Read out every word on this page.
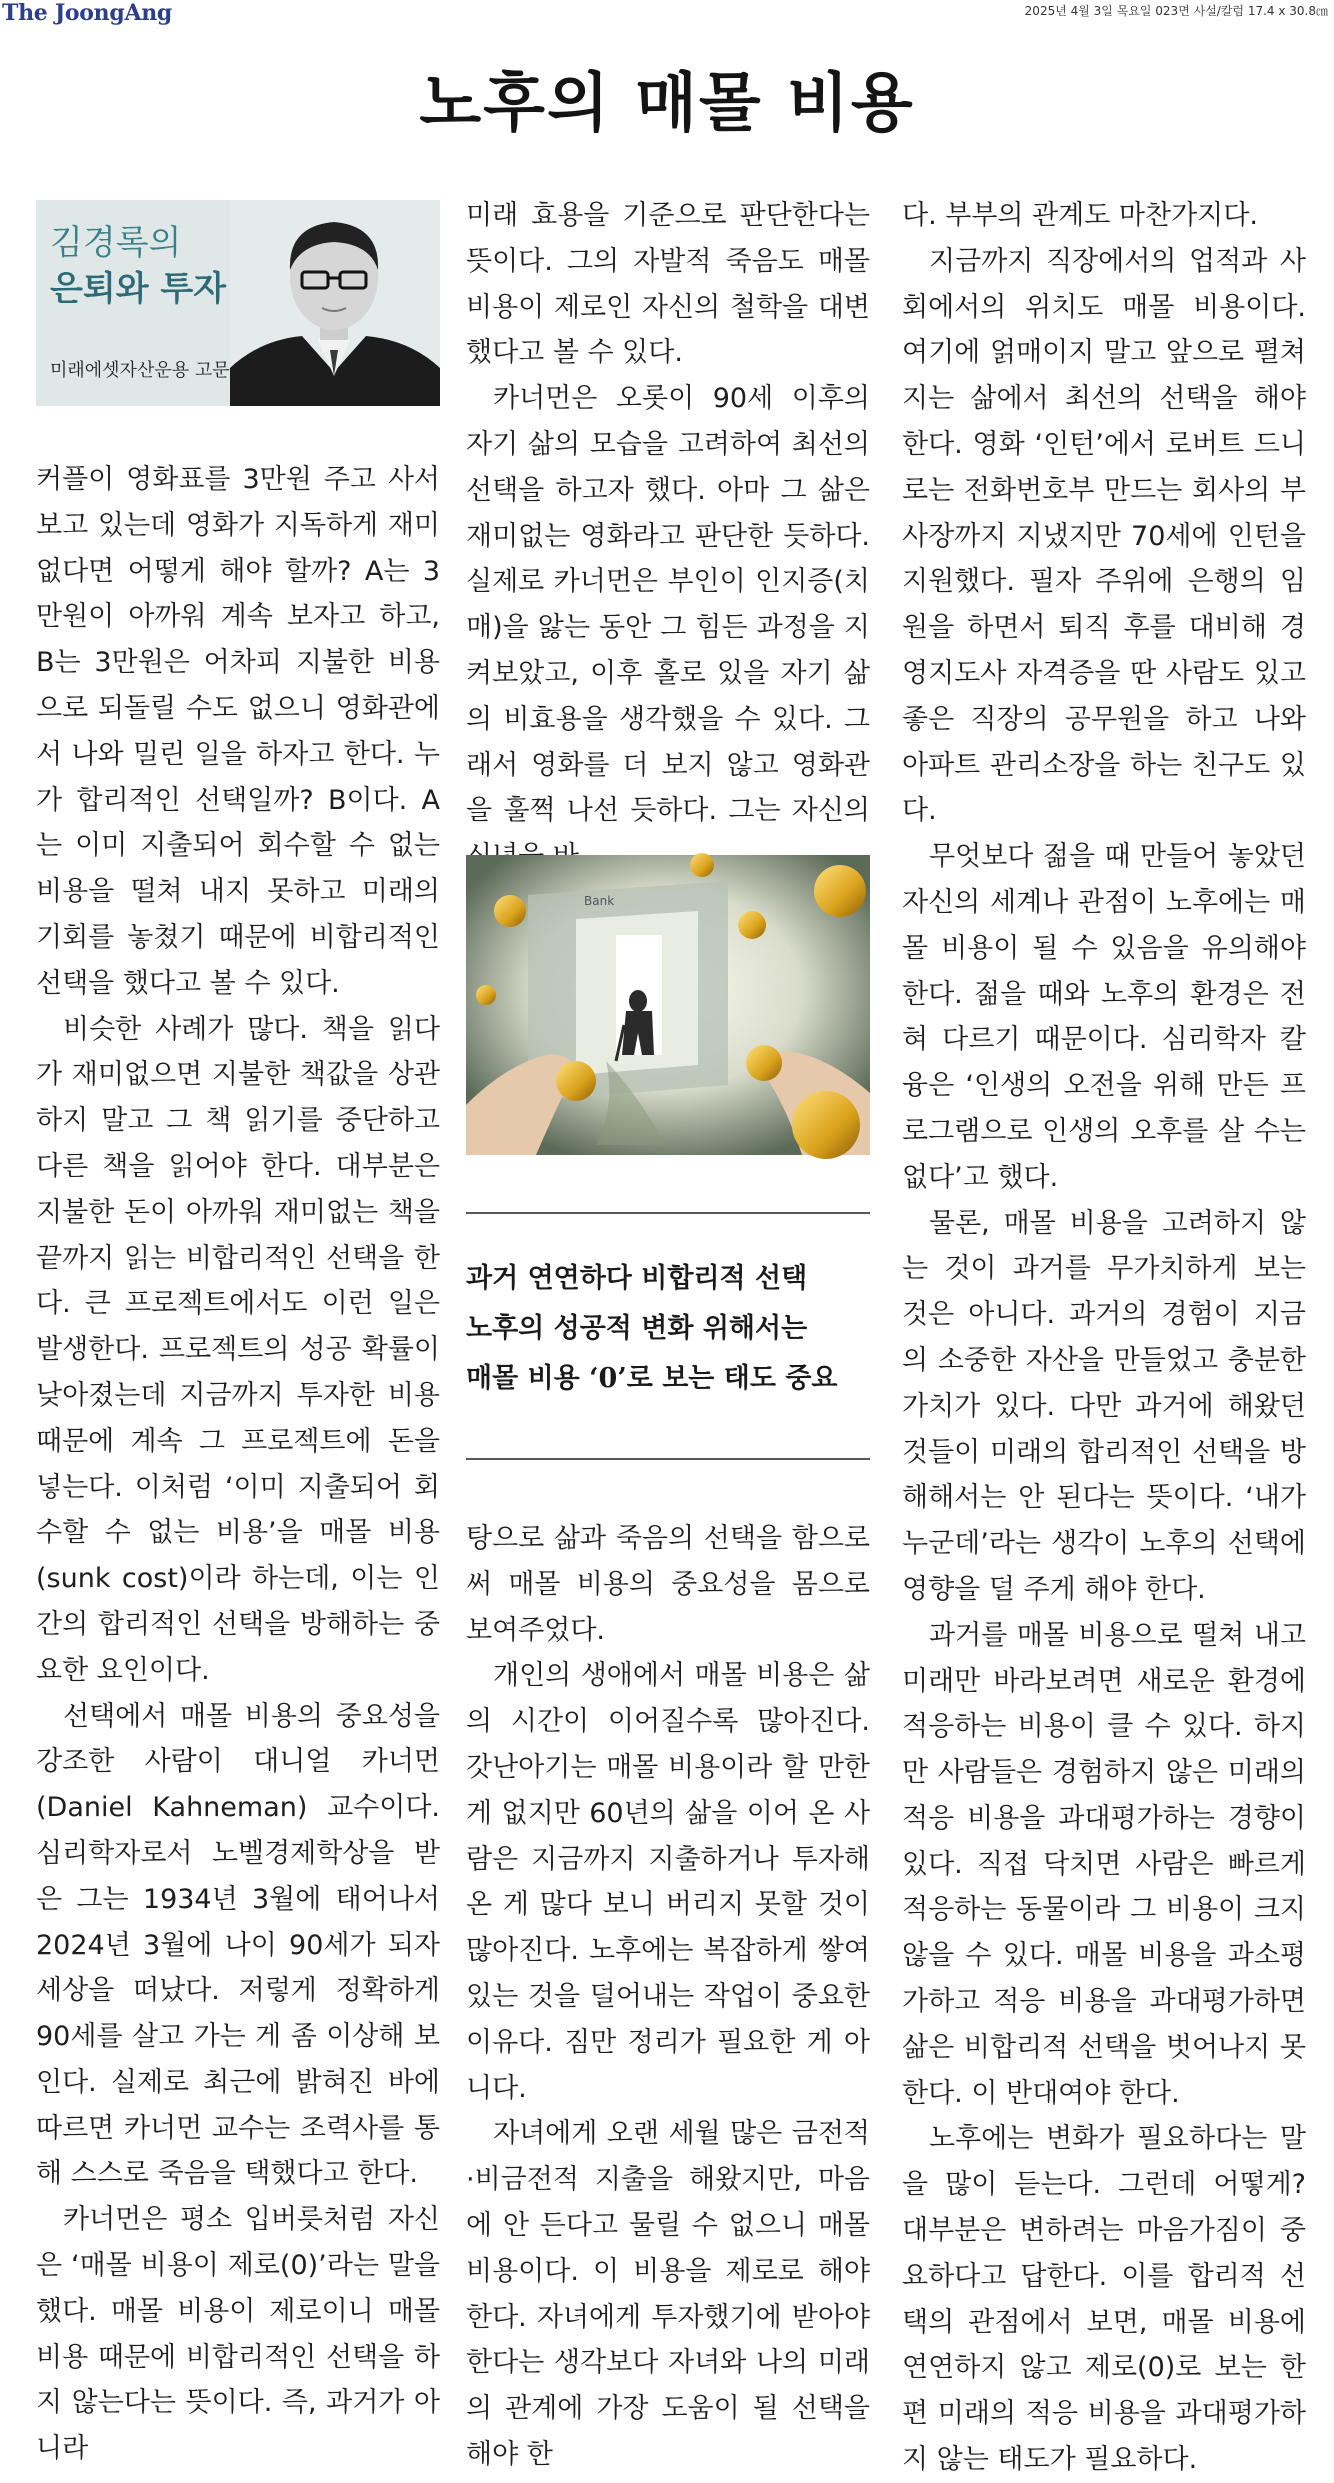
The JoongAng	2025년 4월 3일 목요일 023면 사설/칼럼 17.4 x 30.8㎝
노후의 매몰 비용
김경록의
은퇴와 투자
미래에셋자산운용 고문

커플이 영화표를 3만원 주고 사서 보고 있는데 영화가 지독하게 재미없다면 어떻게 해야 할까? A는 3만원이 아까워 계속 보자고 하고, B는 3만원은 어차피 지불한 비용으로 되돌릴 수도 없으니 영화관에서 나와 밀린 일을 하자고 한다. 누가 합리적인 선택일까? B이다. A는 이미 지출되어 회수할 수 없는 비용을 떨쳐 내지 못하고 미래의 기회를 놓쳤기 때문에 비합리적인 선택을 했다고 볼 수 있다.

비슷한 사례가 많다. 책을 읽다가 재미없으면 지불한 책값을 상관하지 말고 그 책 읽기를 중단하고 다른 책을 읽어야 한다. 대부분은 지불한 돈이 아까워 재미없는 책을 끝까지 읽는 비합리적인 선택을 한다. 큰 프로젝트에서도 이런 일은 발생한다. 프로젝트의 성공 확률이 낮아졌는데 지금까지 투자한 비용 때문에 계속 그 프로젝트에 돈을 넣는다. 이처럼 ‘이미 지출되어 회수할 수 없는 비용’을 매몰 비용(sunk cost)이라 하는데, 이는 인간의 합리적인 선택을 방해하는 중요한 요인이다.

선택에서 매몰 비용의 중요성을 강조한 사람이 대니얼 카너먼(Daniel Kahneman) 교수이다. 심리학자로서 노벨경제학상을 받은 그는 1934년 3월에 태어나서 2024년 3월에 나이 90세가 되자 세상을 떠났다. 저렇게 정확하게 90세를 살고 가는 게 좀 이상해 보인다. 실제로 최근에 밝혀진 바에 따르면 카너먼 교수는 조력사를 통해 스스로 죽음을 택했다고 한다.

카너먼은 평소 입버릇처럼 자신은 ‘매몰 비용이 제로(0)’라는 말을 했다. 매몰 비용이 제로이니 매몰 비용 때문에 비합리적인 선택을 하지 않는다는 뜻이다. 즉, 과거가 아니라

미래 효용을 기준으로 판단한다는 뜻이다. 그의 자발적 죽음도 매몰 비용이 제로인 자신의 철학을 대변했다고 볼 수 있다.

카너먼은 오롯이 90세 이후의 자기 삶의 모습을 고려하여 최선의 선택을 하고자 했다. 아마 그 삶은 재미없는 영화라고 판단한 듯하다. 실제로 카너먼은 부인이 인지증(치매)을 앓는 동안 그 힘든 과정을 지켜보았고, 이후 홀로 있을 자기 삶의 비효용을 생각했을 수 있다. 그래서 영화를 더 보지 않고 영화관을 훌쩍 나선 듯하다. 그는 자신의

Bank

과거 연연하다 비합리적 선택

노후의 성공적 변화 위해서는

매몰 비용 ‘0’로 보는 태도 중요

탕으로 삶과 죽음의 선택을 함으로써 매몰 비용의 중요성을 몸으로 보여주었다.

개인의 생애에서 매몰 비용은 삶의 시간이 이어질수록 많아진다. 갓난아기는 매몰 비용이라 할 만한 게 없지만 60년의 삶을 이어 온 사람은 지금까지 지출하거나 투자해온 게 많다 보니 버리지 못할 것이 많아진다. 노후에는 복잡하게 쌓여 있는 것을 덜어내는 작업이 중요한 이유다. 짐만 정리가 필요한 게 아니다.

자녀에게 오랜 세월 많은 금전적·비금전적 지출을 해왔지만, 마음에 안 든다고 물릴 수 없으니 매몰 비용이다. 이 비용을 제로로 해야 한다. 자녀에게 투자했기에 받아야 한다는 생각보다 자녀와 나의 미래의 관계에 가장 도움이 될 선택을 해야 한

다. 부부의 관계도 마찬가지다.

지금까지 직장에서의 업적과 사회에서의 위치도 매몰 비용이다. 여기에 얽매이지 말고 앞으로 펼쳐지는 삶에서 최선의 선택을 해야 한다. 영화 ‘인턴’에서 로버트 드니로는 전화번호부 만드는 회사의 부사장까지 지냈지만 70세에 인턴을 지원했다. 필자 주위에 은행의 임원을 하면서 퇴직 후를 대비해 경영지도사 자격증을 딴 사람도 있고 좋은 직장의 공무원을 하고 나와 아파트 관리소장을 하는 친구도 있다.

무엇보다 젊을 때 만들어 놓았던 자신의 세계나 관점이 노후에는 매몰 비용이 될 수 있음을 유의해야 한다. 젊을 때와 노후의 환경은 전혀 다르기 때문이다. 심리학자 칼 융은 ‘인생의 오전을 위해 만든 프로그램으로 인생의 오후를 살 수는 없다’고 했다.

물론, 매몰 비용을 고려하지 않는 것이 과거를 무가치하게 보는 것은 아니다. 과거의 경험이 지금의 소중한 자산을 만들었고 충분한 가치가 있다. 다만 과거에 해왔던 것들이 미래의 합리적인 선택을 방해해서는 안 된다는 뜻이다. ‘내가 누군데’라는 생각이 노후의 선택에 영향을 덜 주게 해야 한다.

과거를 매몰 비용으로 떨쳐 내고 미래만 바라보려면 새로운 환경에 적응하는 비용이 클 수 있다. 하지만 사람들은 경험하지 않은 미래의 적응 비용을 과대평가하는 경향이 있다. 직접 닥치면 사람은 빠르게 적응하는 동물이라 그 비용이 크지 않을 수 있다. 매몰 비용을 과소평가하고 적응 비용을 과대평가하면 삶은 비합리적 선택을 벗어나지 못한다. 이 반대여야 한다.

노후에는 변화가 필요하다는 말을 많이 듣는다. 그런데 어떻게? 대부분은 변하려는 마음가짐이 중요하다고 답한다. 이를 합리적 선택의 관점에서 보면, 매몰 비용에 연연하지 않고 제로(0)로 보는 한편 미래의 적응 비용을 과대평가하지 않는 태도가 필요하다.
